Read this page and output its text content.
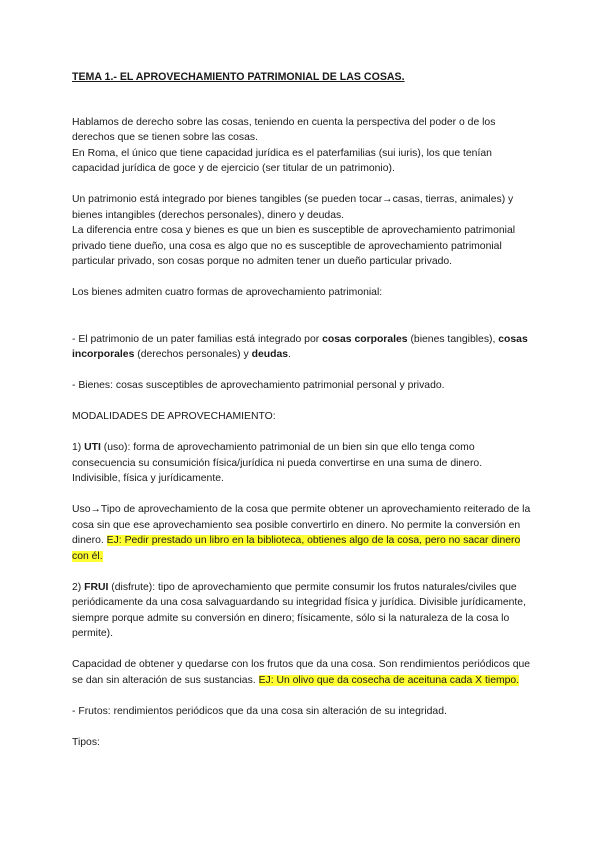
TEMA 1.- EL APROVECHAMIENTO PATRIMONIAL DE LAS COSAS.

Hablamos de derecho sobre las cosas, teniendo en cuenta la perspectiva del poder o de los derechos que se tienen sobre las cosas.

En Roma, el único que tiene capacidad jurídica es el paterfamilias (sui iuris), los que tenían capacidad jurídica de goce y de ejercicio (ser titular de un patrimonio).

Un patrimonio está integrado por bienes tangibles (se pueden tocar→casas, tierras, animales) y bienes intangibles (derechos personales), dinero y deudas.

La diferencia entre cosa y bienes es que un bien es susceptible de aprovechamiento patrimonial privado tiene dueño, una cosa es algo que no es susceptible de aprovechamiento patrimonial particular privado, son cosas porque no admiten tener un dueño particular privado.

Los bienes admiten cuatro formas de aprovechamiento patrimonial:

- El patrimonio de un pater familias está integrado por cosas corporales (bienes tangibles), cosas incorporales (derechos personales) y deudas.

- Bienes: cosas susceptibles de aprovechamiento patrimonial personal y privado.

MODALIDADES DE APROVECHAMIENTO:

1) UTI (uso): forma de aprovechamiento patrimonial de un bien sin que ello tenga como consecuencia su consumición física/jurídica ni pueda convertirse en una suma de dinero. Indivisible, física y jurídicamente.

Uso→Tipo de aprovechamiento de la cosa que permite obtener un aprovechamiento reiterado de la cosa sin que ese aprovechamiento sea posible convertirlo en dinero. No permite la conversión en dinero. EJ: Pedir prestado un libro en la biblioteca, obtienes algo de la cosa, pero no sacar dinero con él.

2) FRUI (disfrute): tipo de aprovechamiento que permite consumir los frutos naturales/civiles que periódicamente da una cosa salvaguardando su integridad física y jurídica. Divisible jurídicamente, siempre porque admite su conversión en dinero; físicamente, sólo si la naturaleza de la cosa lo permite).

Capacidad de obtener y quedarse con los frutos que da una cosa. Son rendimientos periódicos que se dan sin alteración de sus sustancias. EJ: Un olivo que da cosecha de aceituna cada X tiempo.

- Frutos: rendimientos periódicos que da una cosa sin alteración de su integridad.

Tipos:
